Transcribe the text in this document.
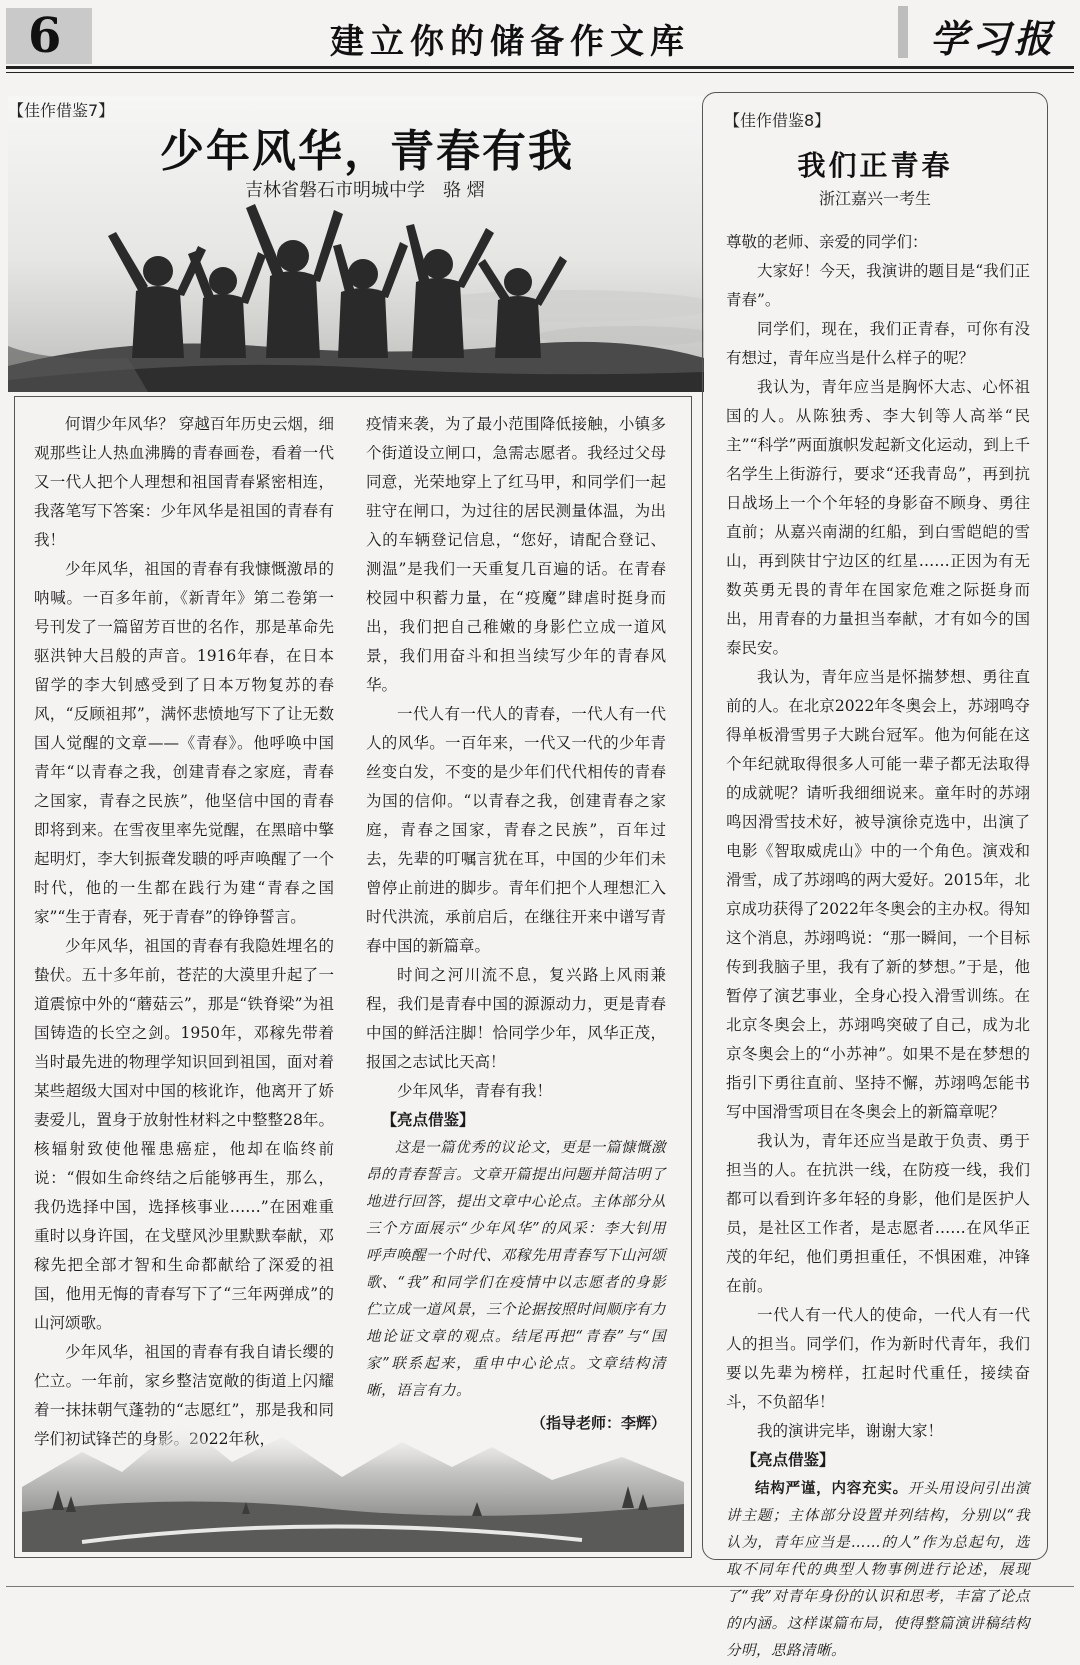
6	建立你的储备作文库	学习报
【佳作借鉴7】
少年风华，青春有我
吉林省磐石市明城中学　骆 熠

何谓少年风华？ 穿越百年历史云烟，细观那些让人热血沸腾的青春画卷，看着一代又一代人把个人理想和祖国青春紧密相连，我落笔写下答案：少年风华是祖国的青春有我！

少年风华，祖国的青春有我慷慨激昂的呐喊。一百多年前，《新青年》第二卷第一号刊发了一篇留芳百世的名作，那是革命先驱洪钟大吕般的声音。1916年春，在日本留学的李大钊感受到了日本万物复苏的春风，“反顾祖邦”，满怀悲愤地写下了让无数国人觉醒的文章——《青春》。他呼唤中国青年“以青春之我，创建青春之家庭，青春之国家，青春之民族”，他坚信中国的青春即将到来。在雪夜里率先觉醒，在黑暗中擎起明灯，李大钊振聋发聩的呼声唤醒了一个时代，他的一生都在践行为建“青春之国家”“生于青春，死于青春”的铮铮誓言。

少年风华，祖国的青春有我隐姓埋名的蛰伏。五十多年前，苍茫的大漠里升起了一道震惊中外的“蘑菇云”，那是“铁脊梁”为祖国铸造的长空之剑。1950年，邓稼先带着当时最先进的物理学知识回到祖国，面对着某些超级大国对中国的核讹诈，他离开了娇妻爱儿，置身于放射性材料之中整整28年。核辐射致使他罹患癌症，他却在临终前说：“假如生命终结之后能够再生，那么，我仍选择中国，选择核事业……”在困难重重时以身许国，在戈壁风沙里默默奉献，邓稼先把全部才智和生命都献给了深爱的祖国，他用无悔的青春写下了“三年两弹成”的山河颂歌。

少年风华，祖国的青春有我自请长缨的伫立。一年前，家乡整洁宽敞的街道上闪耀着一抹抹朝气蓬勃的“志愿红”，那是我和同学们初试锋芒的身影。2022年秋，

疫情来袭，为了最小范围降低接触，小镇多个街道设立闸口，急需志愿者。我经过父母同意，光荣地穿上了红马甲，和同学们一起驻守在闸口，为过往的居民测量体温，为出入的车辆登记信息，“您好，请配合登记、测温”是我们一天重复几百遍的话。在青春校园中积蓄力量，在“疫魔”肆虐时挺身而出，我们把自己稚嫩的身影伫立成一道风景，我们用奋斗和担当续写少年的青春风华。

一代人有一代人的青春，一代人有一代人的风华。一百年来，一代又一代的少年青丝变白发，不变的是少年们代代相传的青春为国的信仰。“以青春之我，创建青春之家庭，青春之国家，青春之民族”，百年过去，先辈的叮嘱言犹在耳，中国的少年们未曾停止前进的脚步。青年们把个人理想汇入时代洪流，承前启后，在继往开来中谱写青春中国的新篇章。

时间之河川流不息，复兴路上风雨兼程，我们是青春中国的源源动力，更是青春中国的鲜活注脚！恰同学少年，风华正茂，报国之志试比天高！

少年风华，青春有我！

【亮点借鉴】

这是一篇优秀的议论文，更是一篇慷慨激昂的青春誓言。文章开篇提出问题并简洁明了地进行回答，提出文章中心论点。主体部分从三个方面展示“少年风华”的风采：李大钊用呼声唤醒一个时代、邓稼先用青春写下山河颂歌、“我”和同学们在疫情中以志愿者的身影伫立成一道风景，三个论据按照时间顺序有力地论证文章的观点。结尾再把“青春”与“国家”联系起来，重申中心论点。文章结构清晰，语言有力。

（指导老师：李辉）

【佳作借鉴8】
我们正青春
浙江嘉兴一考生

尊敬的老师、亲爱的同学们：

大家好！今天，我演讲的题目是“我们正青春”。

同学们，现在，我们正青春，可你有没有想过，青年应当是什么样子的呢？

我认为，青年应当是胸怀大志、心怀祖国的人。从陈独秀、李大钊等人高举“民主”“科学”两面旗帜发起新文化运动，到上千名学生上街游行，要求“还我青岛”，再到抗日战场上一个个年轻的身影奋不顾身、勇往直前；从嘉兴南湖的红船，到白雪皑皑的雪山，再到陕甘宁边区的红星……正因为有无数英勇无畏的青年在国家危难之际挺身而出，用青春的力量担当奉献，才有如今的国泰民安。

我认为，青年应当是怀揣梦想、勇往直前的人。在北京2022年冬奥会上，苏翊鸣夺得单板滑雪男子大跳台冠军。他为何能在这个年纪就取得很多人可能一辈子都无法取得的成就呢？请听我细细说来。童年时的苏翊鸣因滑雪技术好，被导演徐克选中，出演了电影《智取威虎山》中的一个角色。演戏和滑雪，成了苏翊鸣的两大爱好。2015年，北京成功获得了2022年冬奥会的主办权。得知这个消息，苏翊鸣说：“那一瞬间，一个目标传到我脑子里，我有了新的梦想。”于是，他暂停了演艺事业，全身心投入滑雪训练。在北京冬奥会上，苏翊鸣突破了自己，成为北京冬奥会上的“小苏神”。如果不是在梦想的指引下勇往直前、坚持不懈，苏翊鸣怎能书写中国滑雪项目在冬奥会上的新篇章呢？

我认为，青年还应当是敢于负责、勇于担当的人。在抗洪一线，在防疫一线，我们都可以看到许多年轻的身影，他们是医护人员，是社区工作者，是志愿者……在风华正茂的年纪，他们勇担重任，不惧困难，冲锋在前。

一代人有一代人的使命，一代人有一代人的担当。同学们，作为新时代青年，我们要以先辈为榜样，扛起时代重任，接续奋斗，不负韶华！

我的演讲完毕，谢谢大家！

【亮点借鉴】

结构严谨，内容充实。开头用设问引出演讲主题；主体部分设置并列结构，分别以“我认为，青年应当是……的人”作为总起句，选取不同年代的典型人物事例进行论述，展现了“我”对青年身份的认识和思考，丰富了论点的内涵。这样谋篇布局，使得整篇演讲稿结构分明，思路清晰。
